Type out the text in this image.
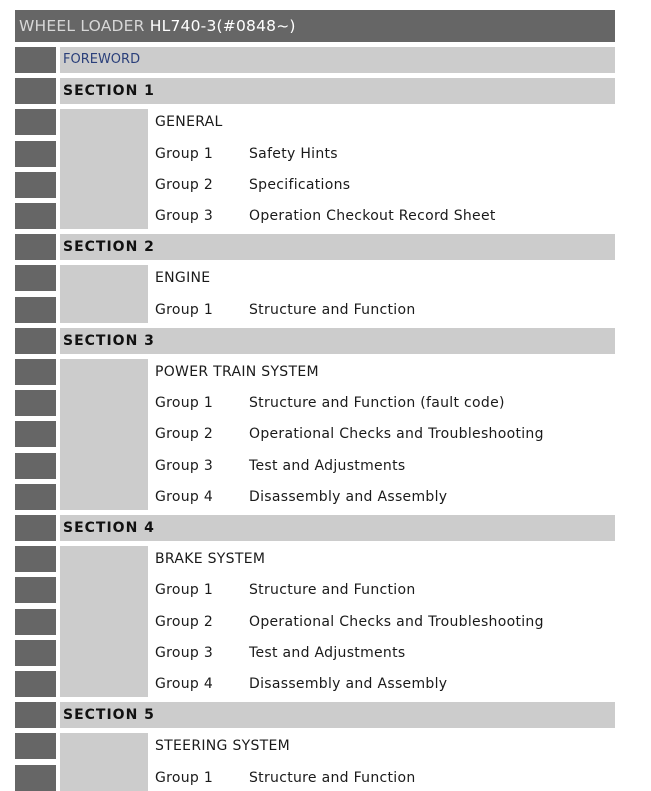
WHEEL LOADER HL740-3(#0848~)
FOREWORD
SECTION 1
GENERAL
Group 1	Safety Hints
Group 2	Specifications
Group 3	Operation Checkout Record Sheet
SECTION 2
ENGINE
Group 1	Structure and Function
SECTION 3
POWER TRAIN SYSTEM
Group 1	Structure and Function (fault code)
Group 2	Operational Checks and Troubleshooting
Group 3	Test and Adjustments
Group 4	Disassembly and Assembly
SECTION 4
BRAKE SYSTEM
Group 1	Structure and Function
Group 2	Operational Checks and Troubleshooting
Group 3	Test and Adjustments
Group 4	Disassembly and Assembly
SECTION 5
STEERING SYSTEM
Group 1	Structure and Function
